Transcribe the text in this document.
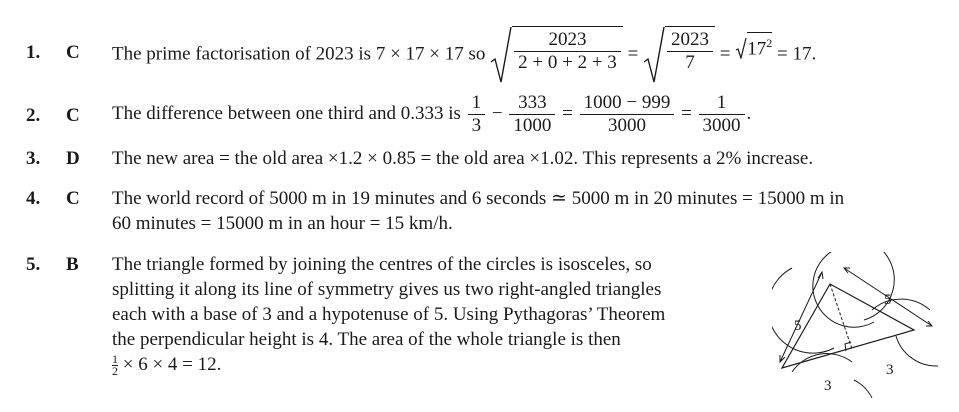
1. C The prime factorisation of 2023 is 7 × 17 × 17 so $\frac{2023}{2 + 0 + 2 + 3} = \frac{2023}{7} = 17^2$
= 17.
2. C The difference between one third and 0.333 is $\frac{1}{3} - \frac{333}{1000} = \frac{1000 - 999}{3000} = \frac{1}{3000}$ .
3. D The new area = the old area ×1.2 × 0.85 = the old area ×1.02. This represents a 2% increase.
4. C The world record of 5000 m in 19 minutes and 6 seconds ≃ 5000 m in 20 minutes = 15000 m in
60 minutes = 15000 m in an hour = 15 km/h.
5. B The triangle formed by joining the centres of the circles is isosceles, so
splitting it along its line of symmetry gives us two right-angled triangles
each with a base of 3 and a hypotenuse of 5. Using Pythagoras’ Theorem
the perpendicular height is 4. The area of the whole triangle is then
$\frac{1}{2} \times 6 \times 4 = 12$.
5
5
3
3
